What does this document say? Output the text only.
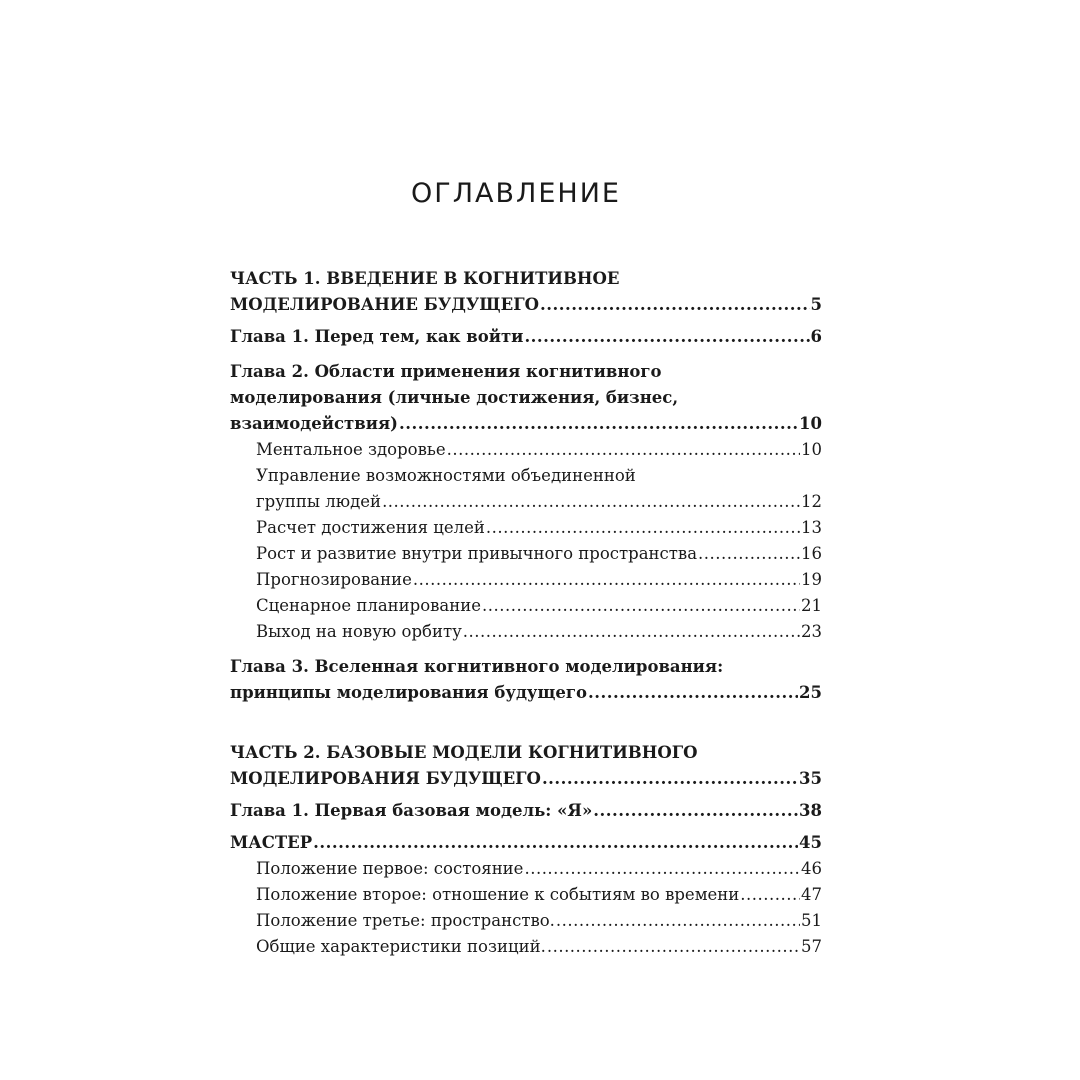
ОГЛАВЛЕНИЕ
ЧАСТЬ 1. ВВЕДЕНИЕ В КОГНИТИВНОЕ
МОДЕЛИРОВАНИЕ БУДУЩЕГО .....	5
Глава 1. Перед тем, как войти .....	6
Глава 2. Области применения когнитивного
моделирования (личные достижения, бизнес,
взаимодействия) .....	10
Ментальное здоровье .....	10
Управление возможностями объединенной
группы людей .....	12
Расчет достижения целей .....	13
Рост и развитие внутри привычного пространства .....	16
Прогнозирование .....	19
Сценарное планирование .....	21
Выход на новую орбиту .....	23
Глава 3. Вселенная когнитивного моделирования:
принципы моделирования будущего .....	25
ЧАСТЬ 2. БАЗОВЫЕ МОДЕЛИ КОГНИТИВНОГО
МОДЕЛИРОВАНИЯ БУДУЩЕГО .....	35
Глава 1. Первая базовая модель: «Я» .....	38
МАСТЕР .....	45
Положение первое: состояние .....	46
Положение второе: отношение к событиям во времени .....	47
Положение третье: пространство. .....	51
Общие характеристики позиций. .....	57
